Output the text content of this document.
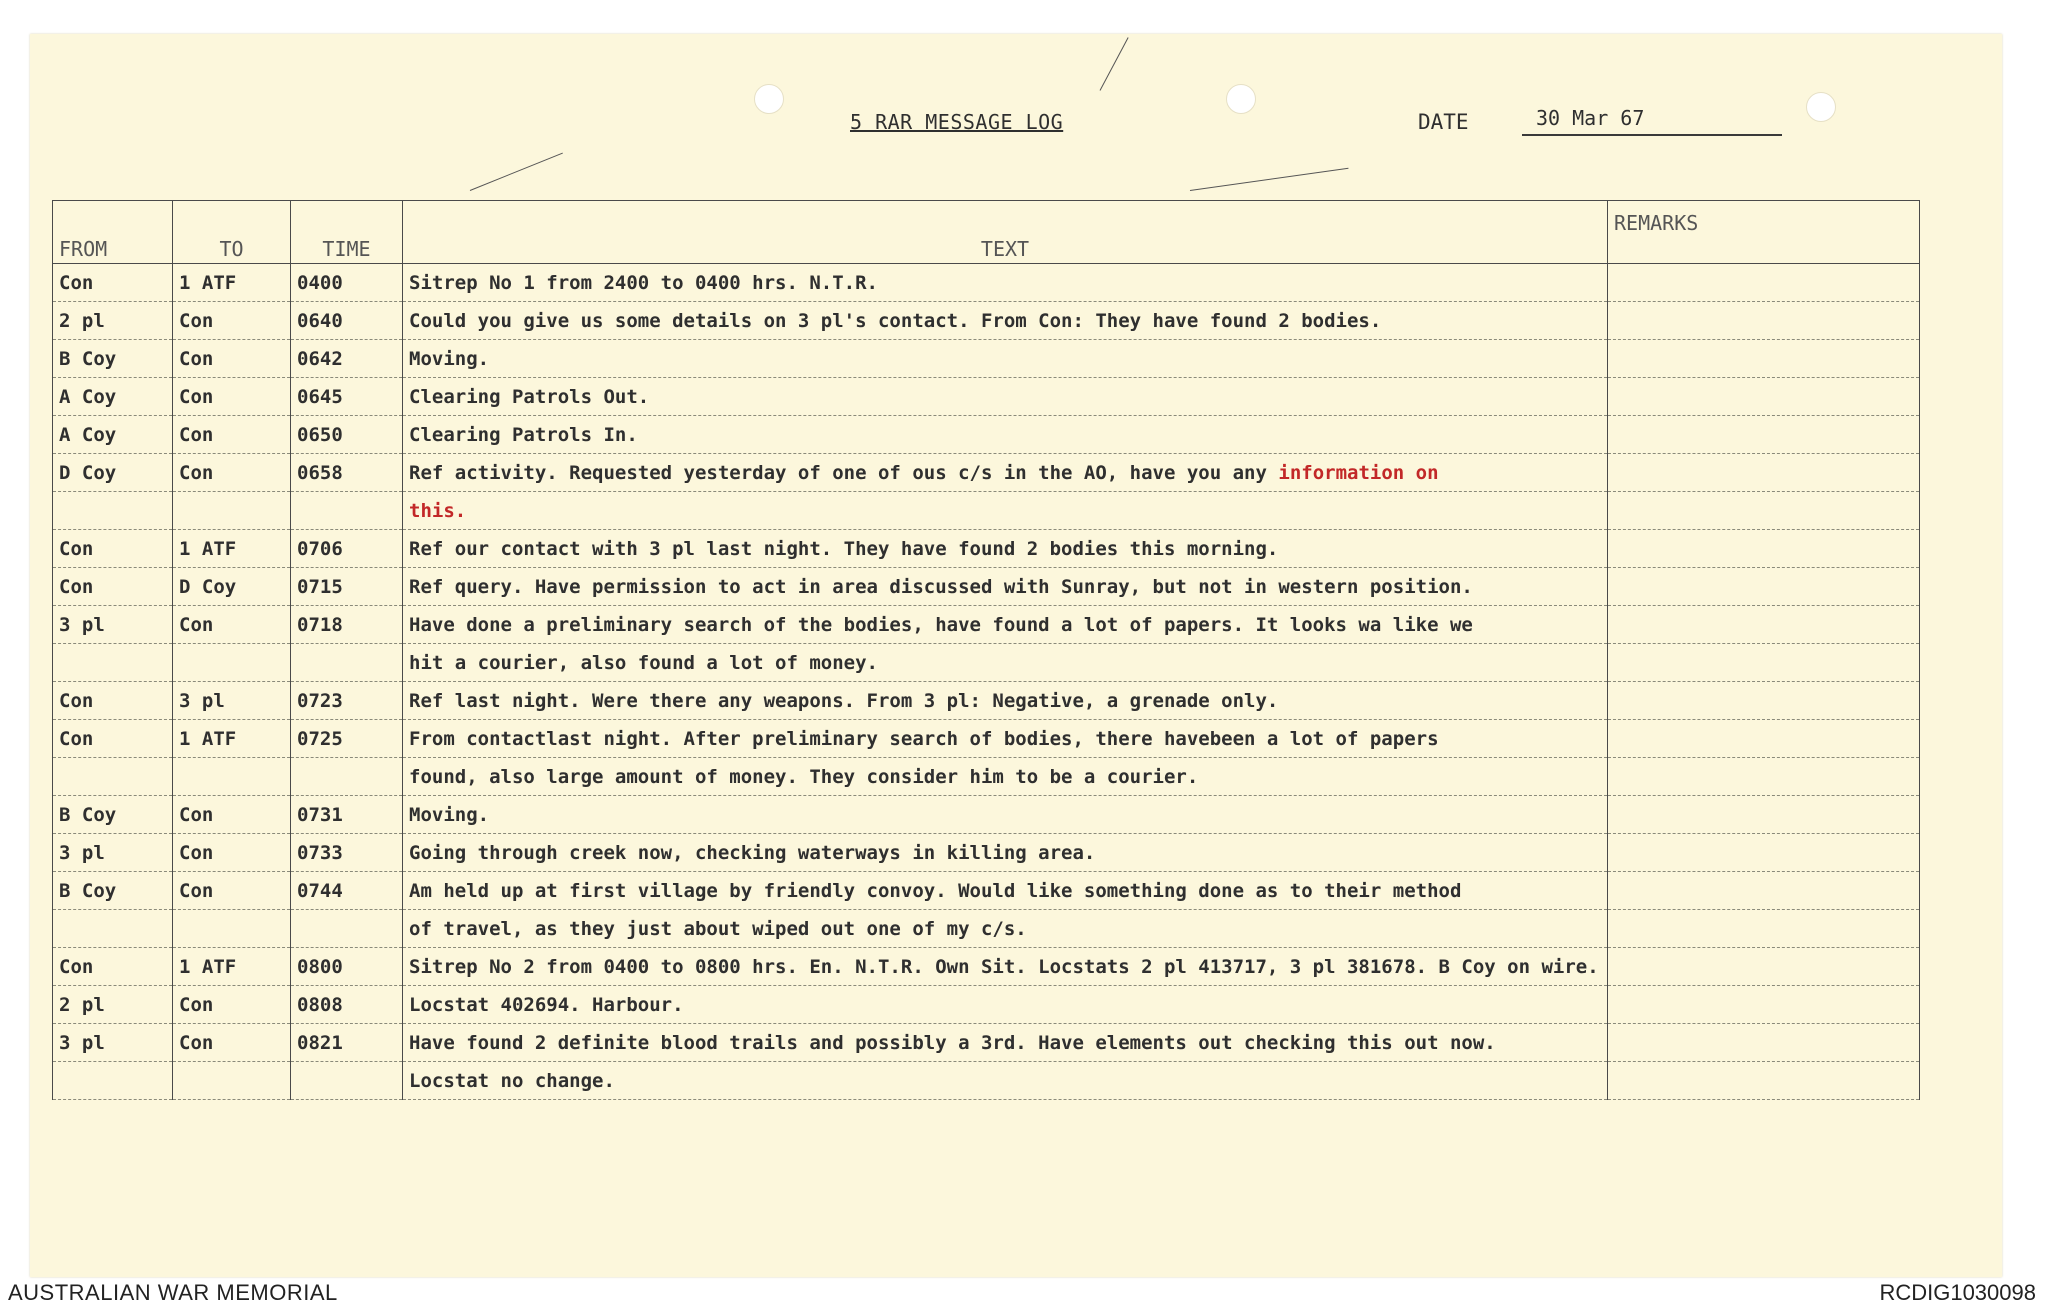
5 RAR MESSAGE LOG	DATE	30 Mar 67
FROM	TO	TIME	TEXT	REMARKS
Con	1 ATF	0400	Sitrep No 1 from 2400 to 0400 hrs. N.T.R.	
2 pl	Con	0640	Could you give us some details on 3 pl's contact. From Con: They have found 2 bodies.	
B Coy	Con	0642	Moving.	
A Coy	Con	0645	Clearing Patrols Out.	
A Coy	Con	0650	Clearing Patrols In.	
D Coy	Con	0658	Ref activity. Requested yesterday of one of ous c/s in the AO, have you any information on	
			this.	
Con	1 ATF	0706	Ref our contact with 3 pl last night. They have found 2 bodies this morning.	
Con	D Coy	0715	Ref query. Have permission to act in area discussed with Sunray, but not in western position.	
3 pl	Con	0718	Have done a preliminary search of the bodies, have found a lot of papers. It looks wa like we	
			hit a courier, also found a lot of money.	
Con	3 pl	0723	Ref last night. Were there any weapons. From 3 pl: Negative, a grenade only.	
Con	1 ATF	0725	From contactlast night. After preliminary search of bodies, there havebeen a lot of papers	
			found, also large amount of money. They consider him to be a courier.	
B Coy	Con	0731	Moving.	
3 pl	Con	0733	Going through creek now, checking waterways in killing area.	
B Coy	Con	0744	Am held up at first village by friendly convoy. Would like something done as to their method	
			of travel, as they just about wiped out one of my c/s.	
Con	1 ATF	0800	Sitrep No 2 from 0400 to 0800 hrs. En. N.T.R. Own Sit. Locstats 2 pl 413717, 3 pl 381678. B Coy on wire.	
2 pl	Con	0808	Locstat 402694. Harbour.	
3 pl	Con	0821	Have found 2 definite blood trails and possibly a 3rd. Have elements out checking this out now.	
			Locstat no change.	
AUSTRALIAN WAR MEMORIAL	RCDIG1030098
